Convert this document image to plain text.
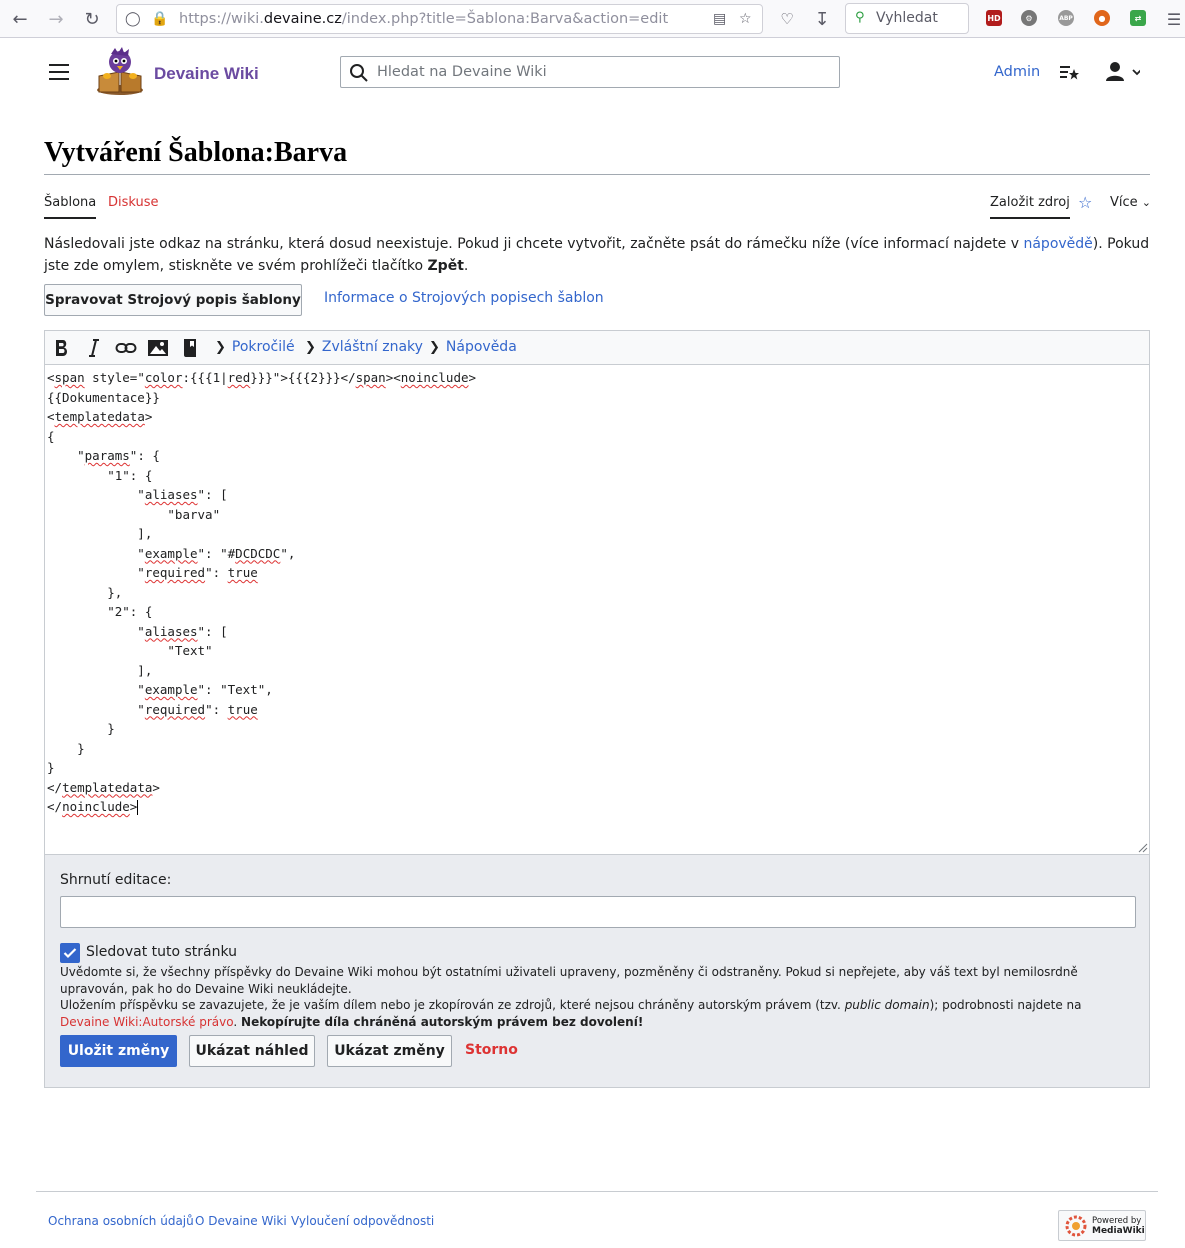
← → ↻	◯ 🔒 https://wiki.devaine.cz/index.php?title=Šablona:Barva&action=edit	▤ ☆	♡ ↧	⚲ Vyhledat	HD	⚙	ABP	●	⇄	☰
Devaine Wiki
Hledat na Devaine Wiki	Admin
Vytváření Šablona:Barva
Šablona Diskuse	Založit zdroj ☆ Více ⌄

Následovali jste odkaz na stránku, která dosud neexistuje. Pokud ji chcete vytvořit, začněte psát do rámečku níže (více informací najdete v nápovědě). Pokud jste zde omylem, stiskněte ve svém prohlížeči tlačítko Zpět.

Spravovat Strojový popis šablony Informace o Strojových popisech šablon
❯ Pokročilé ❯ Zvláštní znaky ❯ Nápověda
<span style="color:{{{1|red}}}">{{{2}}}</span><noinclude>
{{Dokumentace}}
<templatedata>
{
"params": {
"1": {
"aliases": [
"barva"
],
"example": "#DCDCDC",
"required": true
},
"2": {
"aliases": [
"Text"
],
"example": "Text",
"required": true
}
}
}
</templatedata>
</noinclude>
Shrnutí editace:
Sledovat tuto stránku
Uvědomte si, že všechny příspěvky do Devaine Wiki mohou být ostatními uživateli upraveny, pozměněny či odstraněny. Pokud si nepřejete, aby váš text byl nemilosrdně upravován, pak ho do Devaine Wiki neukládejte.
Uložením příspěvku se zavazujete, že je vaším dílem nebo je zkopírován ze zdrojů, které nejsou chráněny autorským právem (tzv. public domain); podrobnosti najdete na Devaine Wiki:Autorské právo. Nekopírujte díla chráněná autorským právem bez dovolení!
Uložit změny	Ukázat náhled	Ukázat změny	Storno
Ochrana osobních údajů O Devaine Wiki Vyloučení odpovědnosti	Powered by
MediaWiki
